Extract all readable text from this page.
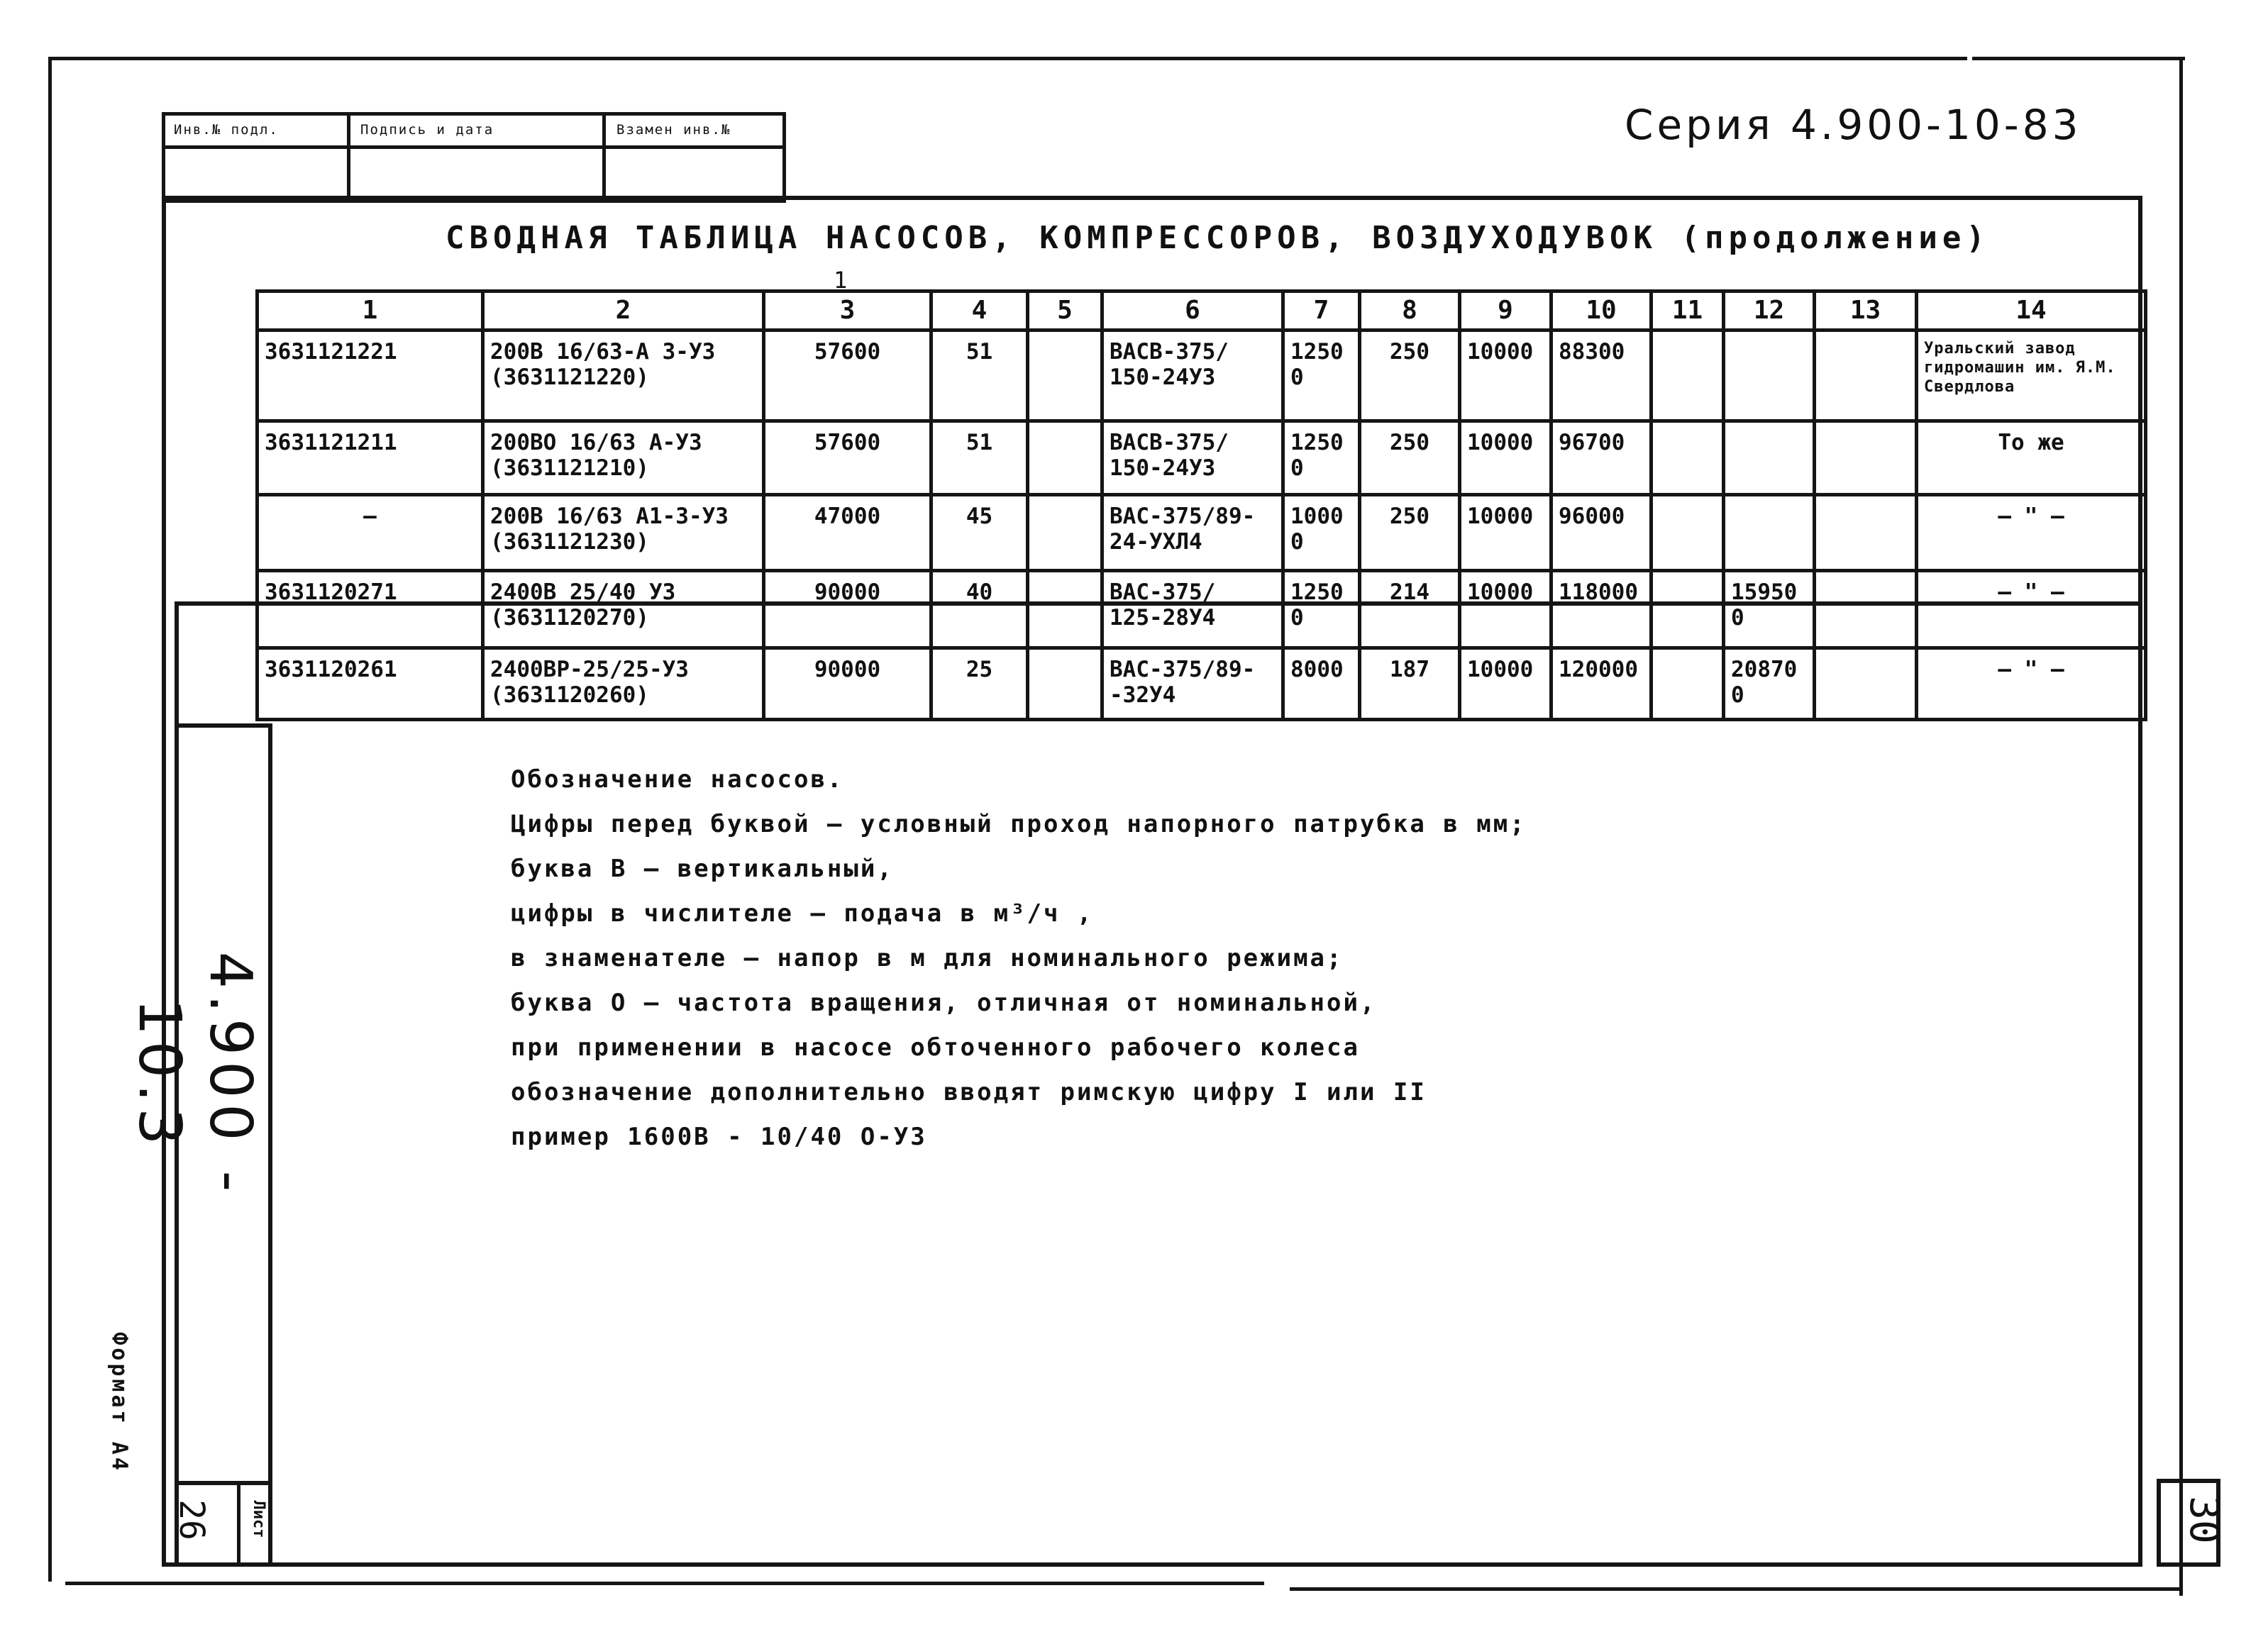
Инв.№ подл.	Подпись и дата	Взамен инв.№	Серия 4.900-10-83
СВОДНАЯ ТАБЛИЦА НАСОСОВ, КОМПРЕССОРОВ, ВОЗДУХОДУВОК (продолжение)
1
1	2	3	4	5	6	7	8	9	10	11	12	13	14
3631121221	200В 16/63-А 3-У3 (3631121220)	57600	51		ВАСВ-375/ 150-24У3	12500	250	10000	88300				Уральский завод гидромашин им. Я.М. Свердлова
3631121211	200ВО 16/63 А-У3 (3631121210)	57600	51		ВАСВ-375/ 150-24У3	12500	250	10000	96700				То же
–	200В 16/63 А1-3-У3 (3631121230)	47000	45		ВАС-375/89- 24-УХЛ4	10000	250	10000	96000				— " —
3631120271	2400В 25/40 У3 (3631120270)	90000	40		ВАС-375/ 125-28У4	12500	214	10000	118000		159500		— " —
3631120261	2400ВР-25/25-У3 (3631120260)	90000	25		ВАС-375/89- -32У4	8000	187	10000	120000		208700		— " —
Обозначение насосов.
Цифры перед буквой – условный проход напорного патрубка в мм;
буква В – вертикальный,
цифры в числителе – подача в м³/ч ,
в знаменателе – напор в м для номинального режима;
буква О – частота вращения, отличная от номинальной,
при применении в насосе обточенного рабочего колеса
обозначение дополнительно вводят римскую цифру I или II
пример 1600В - 10/40 О-У3
4.900 - 10.3
Формат А4
26 Лист	30
